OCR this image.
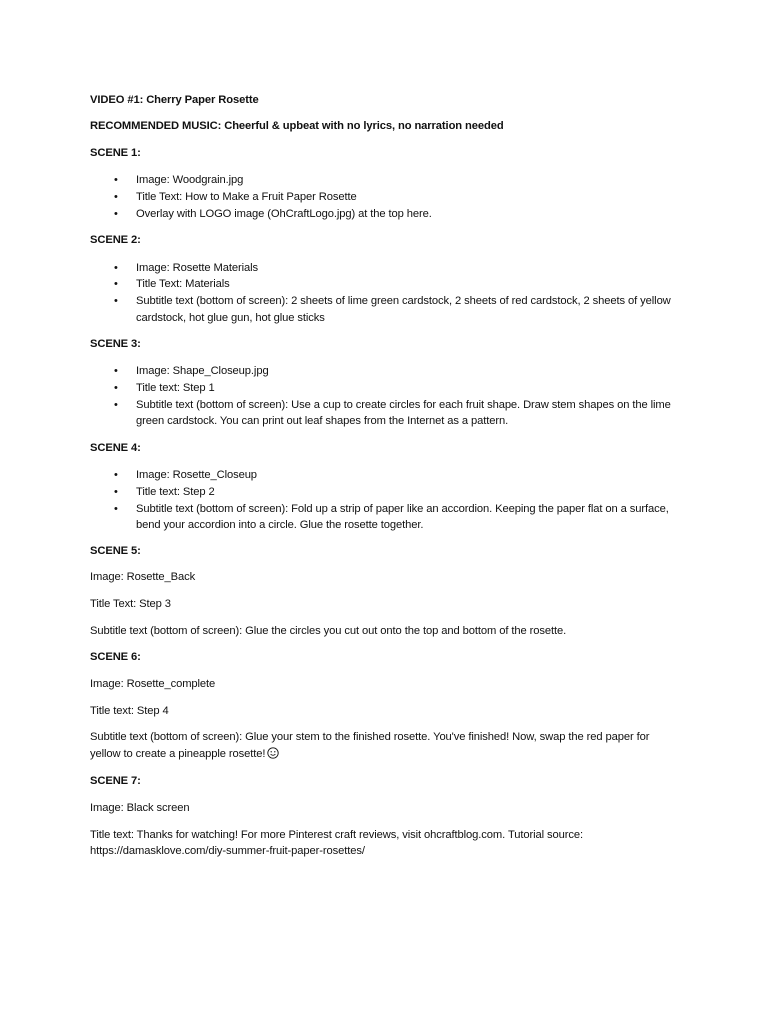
VIDEO #1: Cherry Paper Rosette
RECOMMENDED MUSIC: Cheerful & upbeat with no lyrics, no narration needed
SCENE 1:
• Image: Woodgrain.jpg
• Title Text: How to Make a Fruit Paper Rosette
• Overlay with LOGO image (OhCraftLogo.jpg) at the top here.
SCENE 2:
• Image: Rosette Materials
• Title Text: Materials
• Subtitle text (bottom of screen): 2 sheets of lime green cardstock, 2 sheets of red cardstock, 2 sheets of yellow
cardstock, hot glue gun, hot glue sticks
SCENE 3:
• Image: Shape_Closeup.jpg
• Title text: Step 1
• Subtitle text (bottom of screen): Use a cup to create circles for each fruit shape. Draw stem shapes on the lime
green cardstock. You can print out leaf shapes from the Internet as a pattern.
SCENE 4:
• Image: Rosette_Closeup
• Title text: Step 2
• Subtitle text (bottom of screen): Fold up a strip of paper like an accordion. Keeping the paper flat on a surface,
bend your accordion into a circle. Glue the rosette together.
SCENE 5:
Image: Rosette_Back
Title Text: Step 3
Subtitle text (bottom of screen): Glue the circles you cut out onto the top and bottom of the rosette.
SCENE 6:
Image: Rosette_complete
Title text: Step 4
Subtitle text (bottom of screen): Glue your stem to the finished rosette. You've finished! Now, swap the red paper for
yellow to create a pineapple rosette!
SCENE 7:
Image: Black screen
Title text: Thanks for watching! For more Pinterest craft reviews, visit ohcraftblog.com. Tutorial source:
https://damasklove.com/diy-summer-fruit-paper-rosettes/
